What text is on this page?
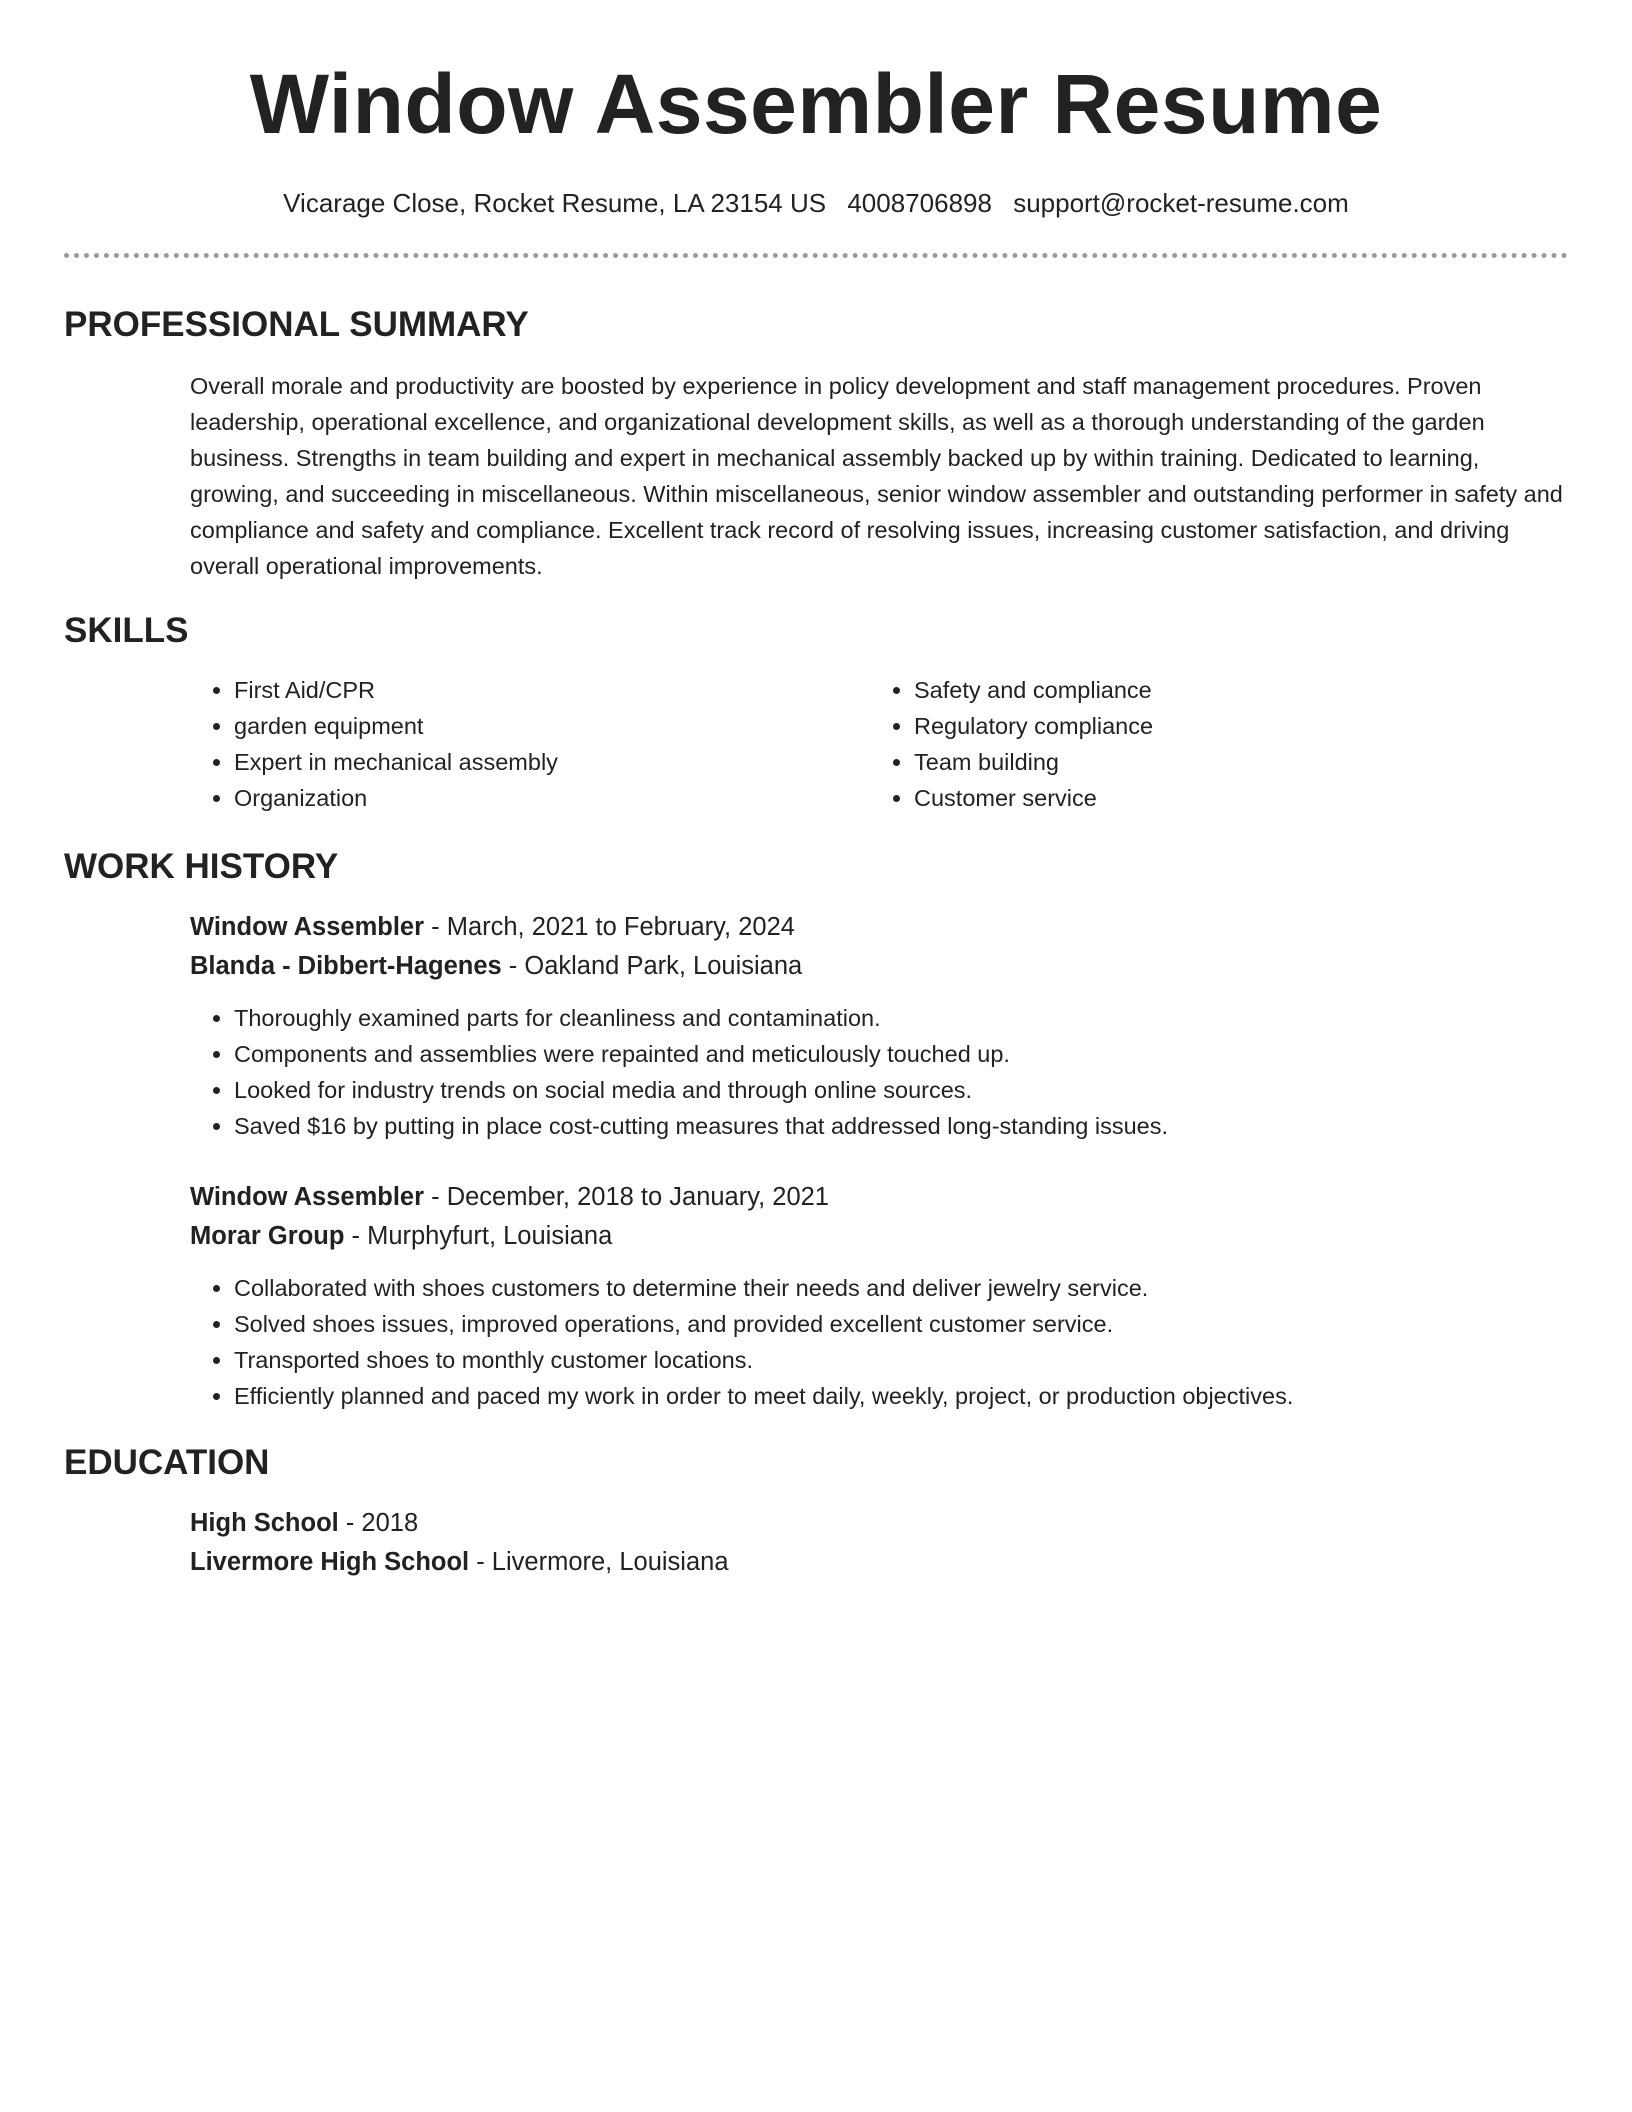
Window Assembler Resume
Vicarage Close, Rocket Resume, LA 23154 US 4008706898 support@rocket-resume.com
PROFESSIONAL SUMMARY

Overall morale and productivity are boosted by experience in policy development and staff management procedures. Proven leadership, operational excellence, and organizational development skills, as well as a thorough understanding of the garden business. Strengths in team building and expert in mechanical assembly backed up by within training. Dedicated to learning, growing, and succeeding in miscellaneous. Within miscellaneous, senior window assembler and outstanding performer in safety and compliance and safety and compliance. Excellent track record of resolving issues, increasing customer satisfaction, and driving overall operational improvements.

SKILLS
• First Aid/CPR
• garden equipment
• Expert in mechanical assembly
• Organization
• Safety and compliance
• Regulatory compliance
• Team building
• Customer service
WORK HISTORY
Window Assembler - March, 2021 to February, 2024
Blanda - Dibbert-Hagenes - Oakland Park, Louisiana
• Thoroughly examined parts for cleanliness and contamination.
• Components and assemblies were repainted and meticulously touched up.
• Looked for industry trends on social media and through online sources.
• Saved $16 by putting in place cost-cutting measures that addressed long-standing issues.
Window Assembler - December, 2018 to January, 2021
Morar Group - Murphyfurt, Louisiana
• Collaborated with shoes customers to determine their needs and deliver jewelry service.
• Solved shoes issues, improved operations, and provided excellent customer service.
• Transported shoes to monthly customer locations.
• Efficiently planned and paced my work in order to meet daily, weekly, project, or production objectives.
EDUCATION
High School - 2018
Livermore High School - Livermore, Louisiana
